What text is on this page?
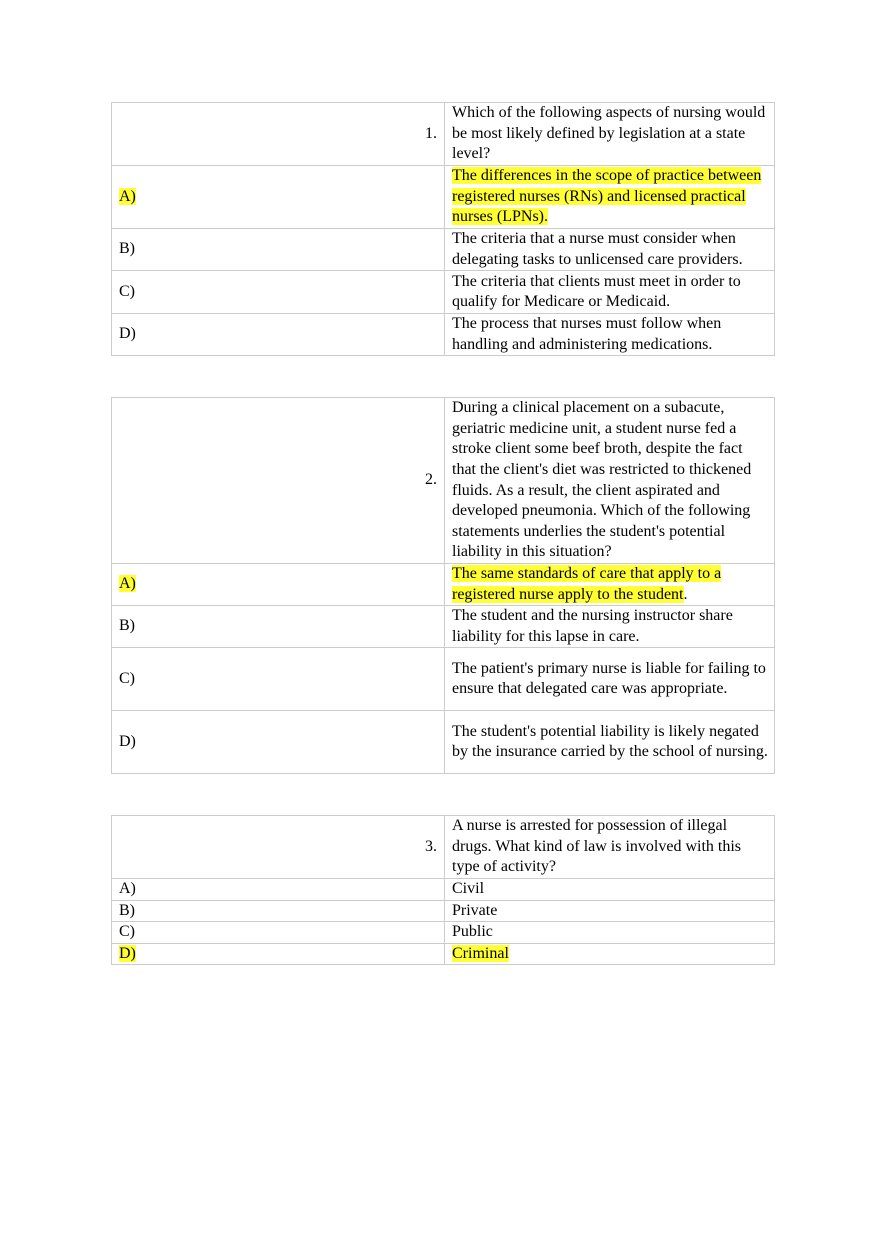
1.	Which of the following aspects of nursing would be most likely defined by legislation at a state level?
A)	The differences in the scope of practice between registered nurses (RNs) and licensed practical nurses (LPNs).
B)	The criteria that a nurse must consider when delegating tasks to unlicensed care providers.
C)	The criteria that clients must meet in order to qualify for Medicare or Medicaid.
D)	The process that nurses must follow when handling and administering medications.
2.	During a clinical placement on a subacute, geriatric medicine unit, a student nurse fed a stroke client some beef broth, despite the fact that the client's diet was restricted to thickened fluids. As a result, the client aspirated and developed pneumonia. Which of the following statements underlies the student's potential liability in this situation?
A)	The same standards of care that apply to a registered nurse apply to the student.
B)	The student and the nursing instructor share liability for this lapse in care.
C)	The patient's primary nurse is liable for failing to ensure that delegated care was appropriate.
D)	The student's potential liability is likely negated by the insurance carried by the school of nursing.
3.	A nurse is arrested for possession of illegal drugs. What kind of law is involved with this type of activity?
A)	Civil
B)	Private
C)	Public
D)	Criminal
